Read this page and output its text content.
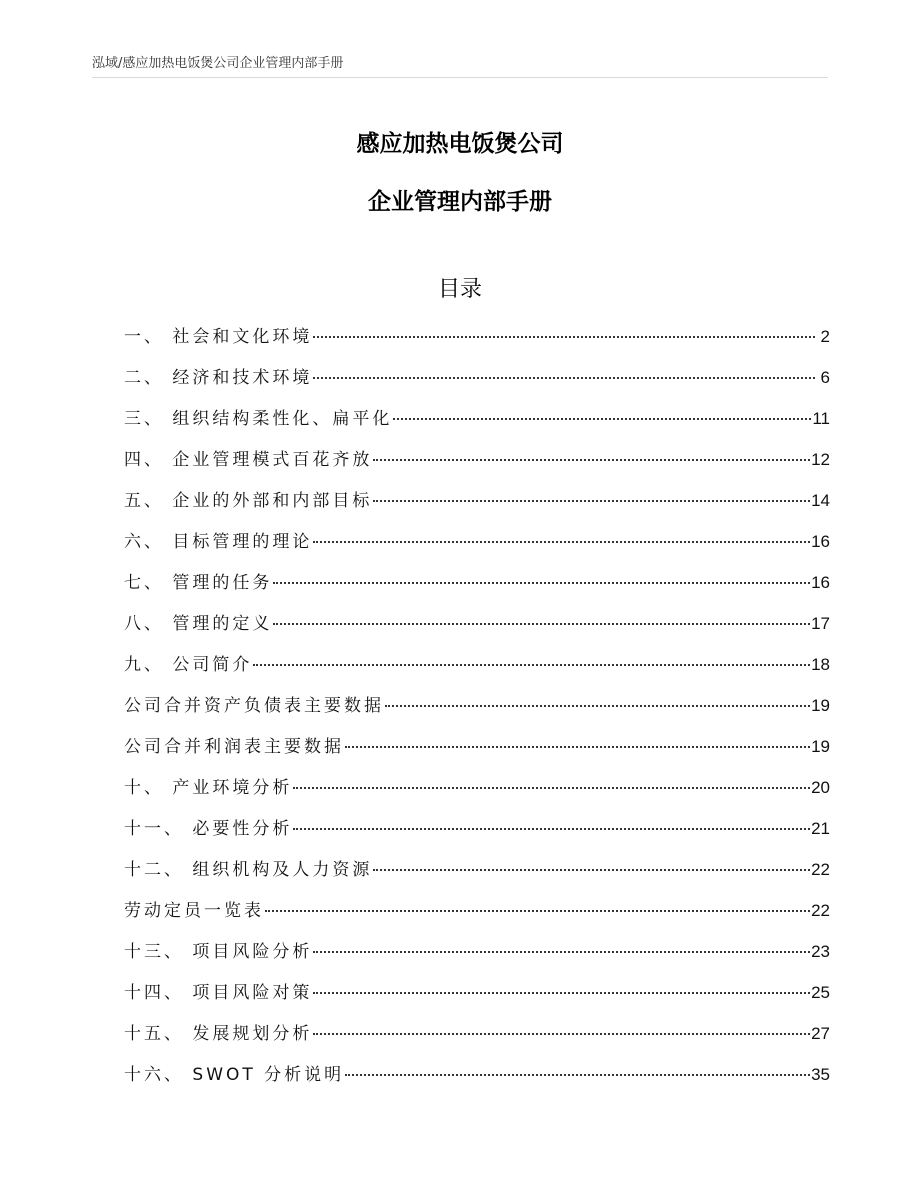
泓域/感应加热电饭煲公司企业管理内部手册
感应加热电饭煲公司
企业管理内部手册
目录
一、 社会和文化环境	2
二、 经济和技术环境	6
三、 组织结构柔性化、扁平化	11
四、 企业管理模式百花齐放	12
五、 企业的外部和内部目标	14
六、 目标管理的理论	16
七、 管理的任务	16
八、 管理的定义	17
九、 公司简介	18
公司合并资产负债表主要数据	19
公司合并利润表主要数据	19
十、 产业环境分析	20
十一、 必要性分析	21
十二、 组织机构及人力资源	22
劳动定员一览表	22
十三、 项目风险分析	23
十四、 项目风险对策	25
十五、 发展规划分析	27
十六、 SWOT 分析说明	35
